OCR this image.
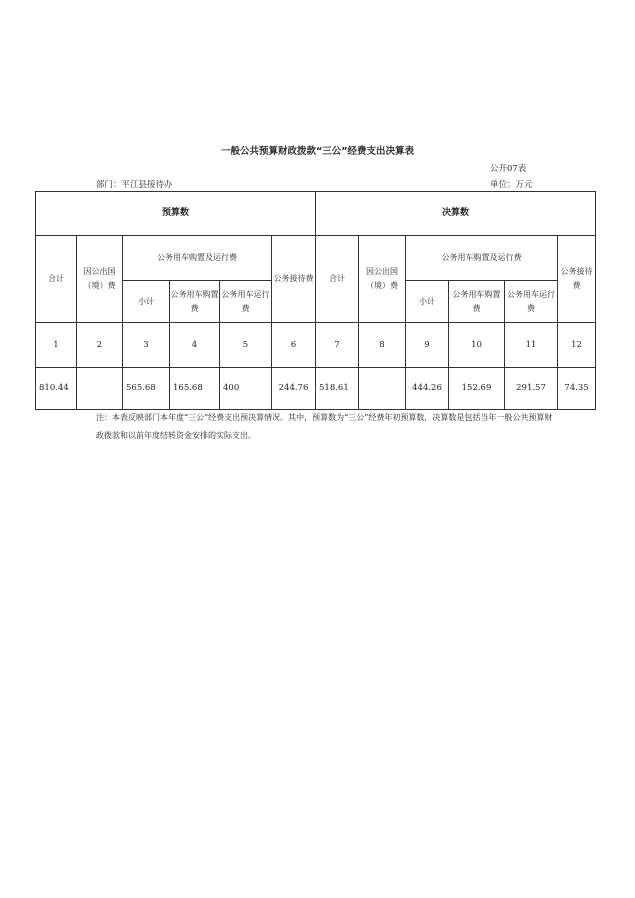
一般公共预算财政拨款“三公”经费支出决算表
公开07表
部门：平江县接待办	单位：万元
预算数						决算数					
合计	因公出国（境）费	公务用车购置及运行费			公务接待费	合计	因公出国（境）费	公务用车购置及运行费			公务接待费
		小计	公务用车购置费	公务用车运行费				小计	公务用车购置费	公务用车运行费	
1	2	3	4	5	6	7	8	9	10	11	12
810.44		565.68	165.68	400	244.76	518.61		444.26	152.69	291.57	74.35
注：本表反映部门本年度“三公”经费支出预决算情况。其中，预算数为“三公”经费年初预算数，决算数是包括当年一般公共预算财政拨款和以前年度结转资金安排的实际支出。
